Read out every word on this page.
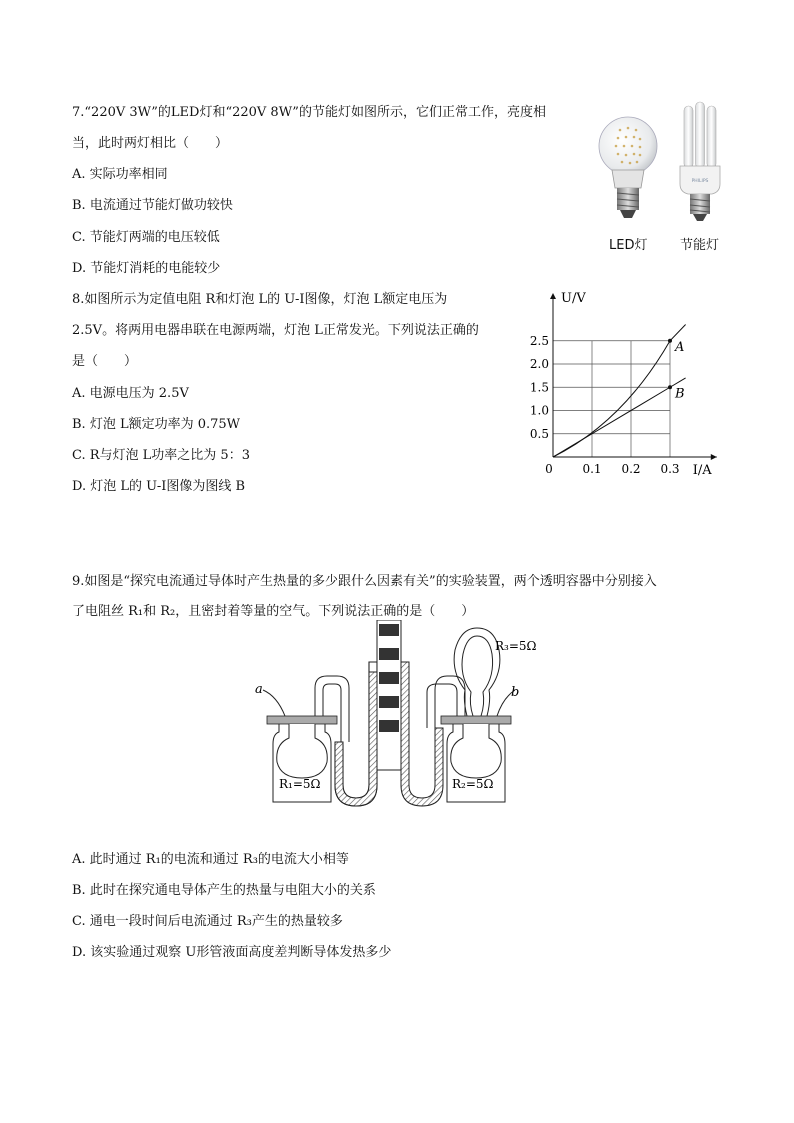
7.“220V 3W”的LED灯和“220V 8W”的节能灯如图所示，它们正常工作，亮度相
当，此时两灯相比（　　）
A. 实际功率相同
B. 电流通过节能灯做功较快
C. 节能灯两端的电压较低
D. 节能灯消耗的电能较少
PHILIPS
LED灯	节能灯
8.如图所示为定值电阻 R和灯泡 L的 U-I图像，灯泡 L额定电压为
2.5V。将两用电器串联在电源两端，灯泡 L正常发光。下列说法正确的
是（　　）
A. 电源电压为 2.5V
B. 灯泡 L额定功率为 0.75W
C. R与灯泡 L功率之比为 5：3
D. 灯泡 L的 U-I图像为图线 B
0 0.1 0.2 0.3
0.5
1.0
1.5
2.0
2.5
I/A
U/V
A
B
9.如图是“探究电流通过导体时产生热量的多少跟什么因素有关”的实验装置，两个透明容器中分别接入
了电阻丝 R₁和 R₂，且密封着等量的空气。下列说法正确的是（　　）
a	b
R₁=5Ω	R₂=5Ω
R₃=5Ω
A. 此时通过 R₁的电流和通过 R₃的电流大小相等
B. 此时在探究通电导体产生的热量与电阻大小的关系
C. 通电一段时间后电流通过 R₃产生的热量较多
D. 该实验通过观察 U形管液面高度差判断导体发热多少
